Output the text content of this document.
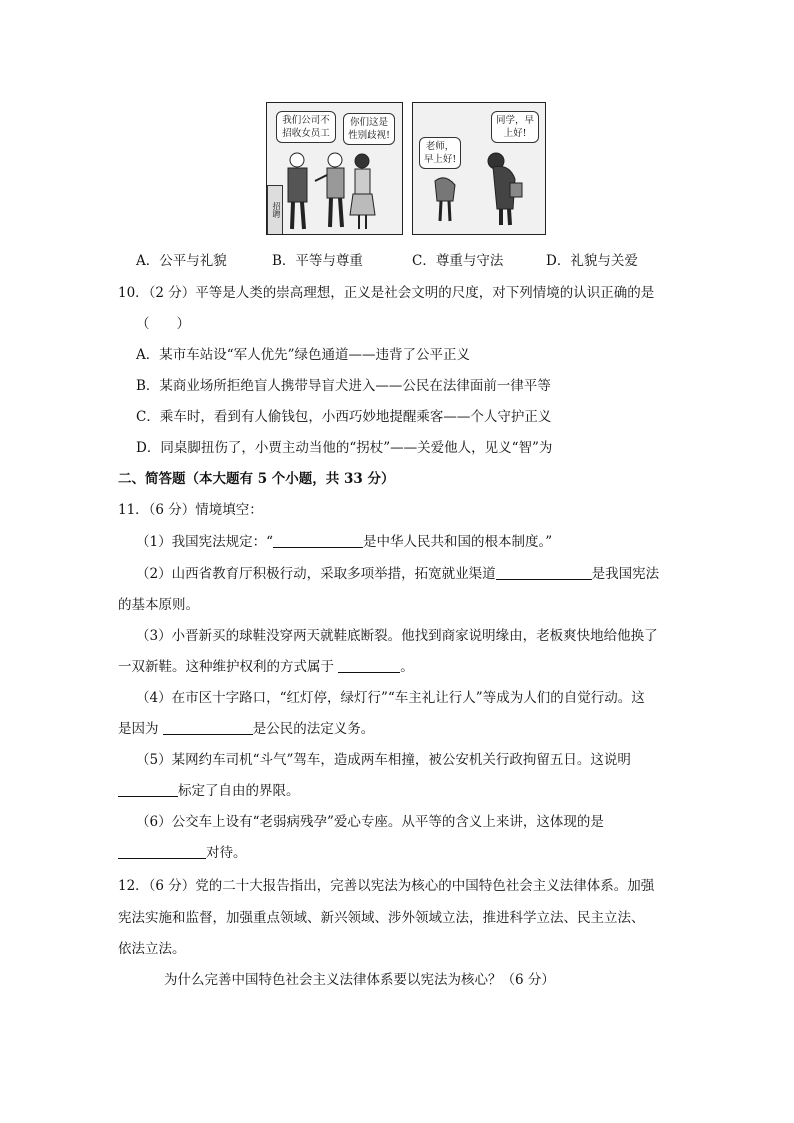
我们公司不招收女员工
你们这是性别歧视!
招聘
老师，早上好!
同学，早上好!
A．公平与礼貌	B．平等与尊重	C．尊重与守法	D．礼貌与关爱
10．（2 分）平等是人类的崇高理想，正义是社会文明的尺度，对下列情境的认识正确的是
（　　）
A．某市车站设“军人优先”绿色通道——违背了公平正义
B．某商业场所拒绝盲人携带导盲犬进入——公民在法律面前一律平等
C．乘车时，看到有人偷钱包，小西巧妙地提醒乘客——个人守护正义
D．同桌脚扭伤了，小贾主动当他的“拐杖”——关爱他人，见义“智”为
二、简答题（本大题有 5 个小题，共 33 分）
11．（6 分）情境填空：
（1）我国宪法规定：“	是中华人民共和国的根本制度。”
（2）山西省教育厅积极行动，采取多项举措，拓宽就业渠道	是我国宪法
的基本原则。
（3）小晋新买的球鞋没穿两天就鞋底断裂。他找到商家说明缘由，老板爽快地给他换了
一双新鞋。这种维护权利的方式属于	。
（4）在市区十字路口，“红灯停，绿灯行”“车主礼让行人”等成为人们的自觉行动。这
是因为	是公民的法定义务。
（5）某网约车司机“斗气”驾车，造成两车相撞，被公安机关行政拘留五日。这说明
标定了自由的界限。
（6）公交车上设有“老弱病残孕”爱心专座。从平等的含义上来讲，这体现的是
对待。
12．（6 分）党的二十大报告指出，完善以宪法为核心的中国特色社会主义法律体系。加强
宪法实施和监督，加强重点领域、新兴领域、涉外领域立法，推进科学立法、民主立法、
依法立法。
为什么完善中国特色社会主义法律体系要以宪法为核心？（6 分）
